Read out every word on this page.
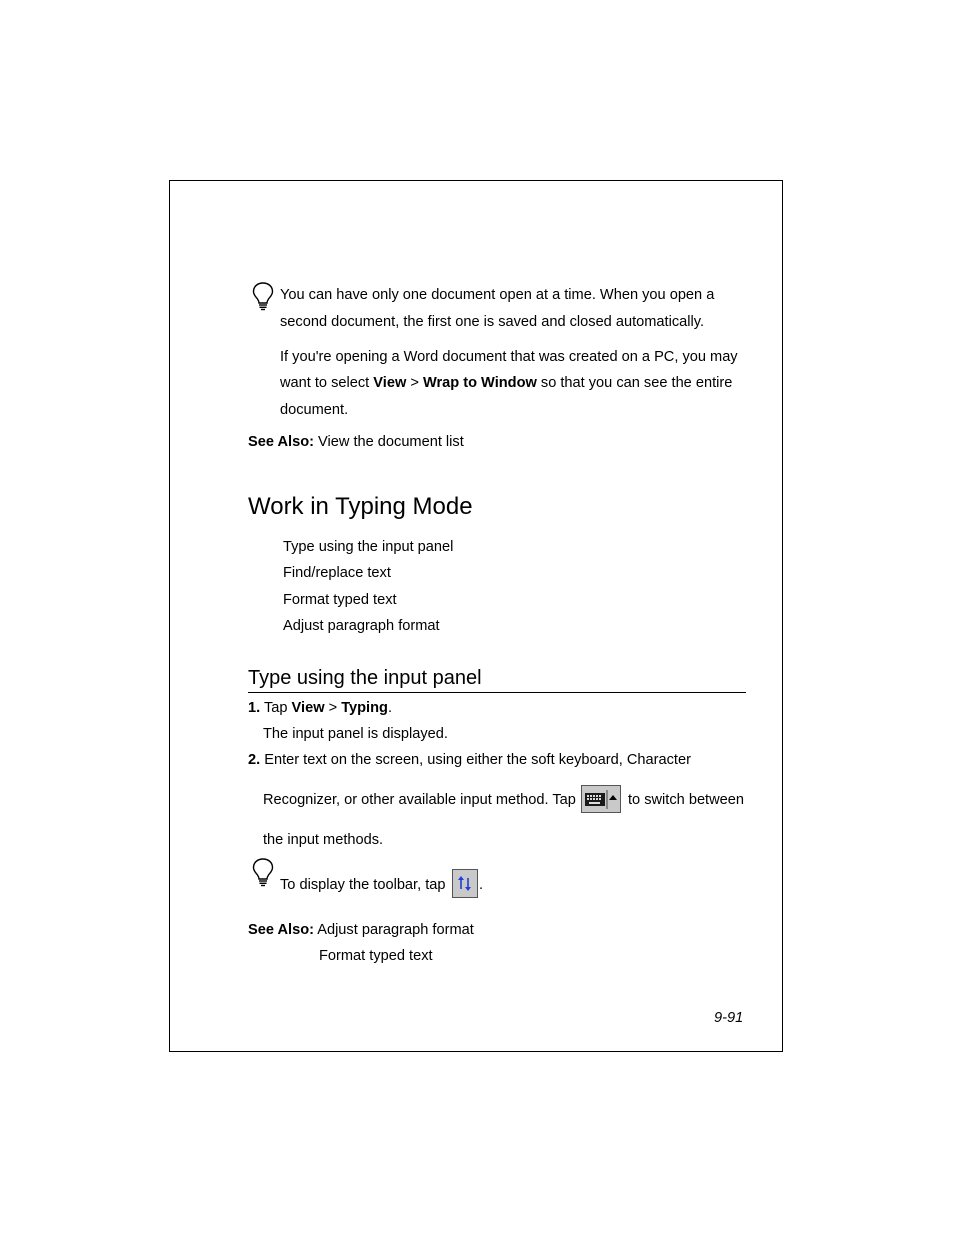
You can have only one document open at a time. When you open a
second document, the first one is saved and closed automatically.
If you're opening a Word document that was created on a PC, you may
want to select View > Wrap to Window so that you can see the entire
document.
See Also: View the document list
Work in Typing Mode
Type using the input panel
Find/replace text
Format typed text
Adjust paragraph format
Type using the input panel
1. Tap View > Typing.
The input panel is displayed.
2. Enter text on the screen, using either the soft keyboard, Character
Recognizer, or other available input method. Tap	to switch between
the input methods.
To display the toolbar, tap .
See Also: Adjust paragraph format
Format typed text
9-91
